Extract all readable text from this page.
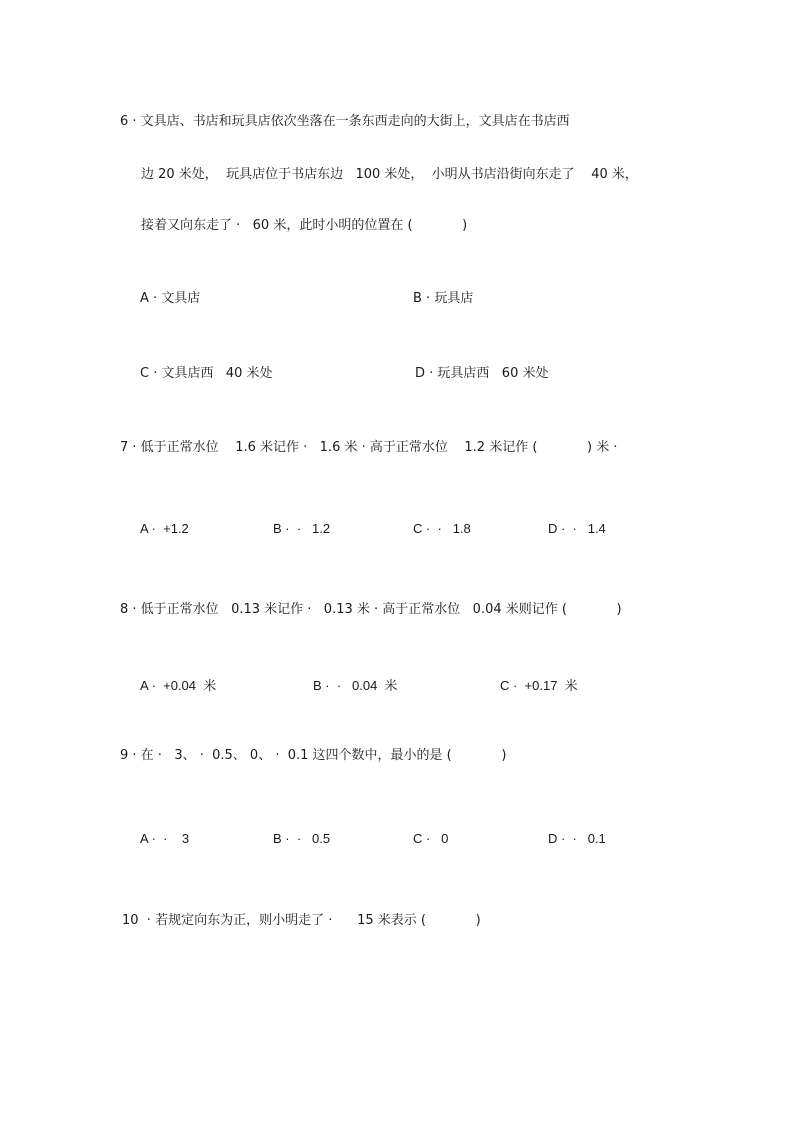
6 · 文具店、书店和玩具店依次坐落在一条东西走向的大街上，文具店在书店西
边 20 米处，  玩具店位于书店东边   100 米处，  小明从书店沿街向东走了    40 米，
接着又向东走了 ·   60 米，此时小明的位置在 (            )
A · 文具店	B · 玩具店
C · 文具店西   40 米处	D · 玩具店西   60 米处
7 · 低于正常水位    1.6 米记作 ·   1.6 米 · 高于正常水位    1.2 米记作 (            ) 米 ·
A ·  +1.2	B ·  ·   1.2	C ·  ·   1.8	D ·  ·   1.4
8 · 低于正常水位   0.13 米记作 ·   0.13 米 · 高于正常水位   0.04 米则记作 (            )
A ·  +0.04  米	B ·  ·   0.04  米	C ·  +0.17  米
9 · 在 ·   3、 ·  0.5、 0、 ·  0.1 这四个数中，最小的是 (            )
A ·  ·    3	B ·  ·   0.5	C ·   0	D ·  ·   0.1
10  · 若规定向东为正，则小明走了 ·      15 米表示 (            )
